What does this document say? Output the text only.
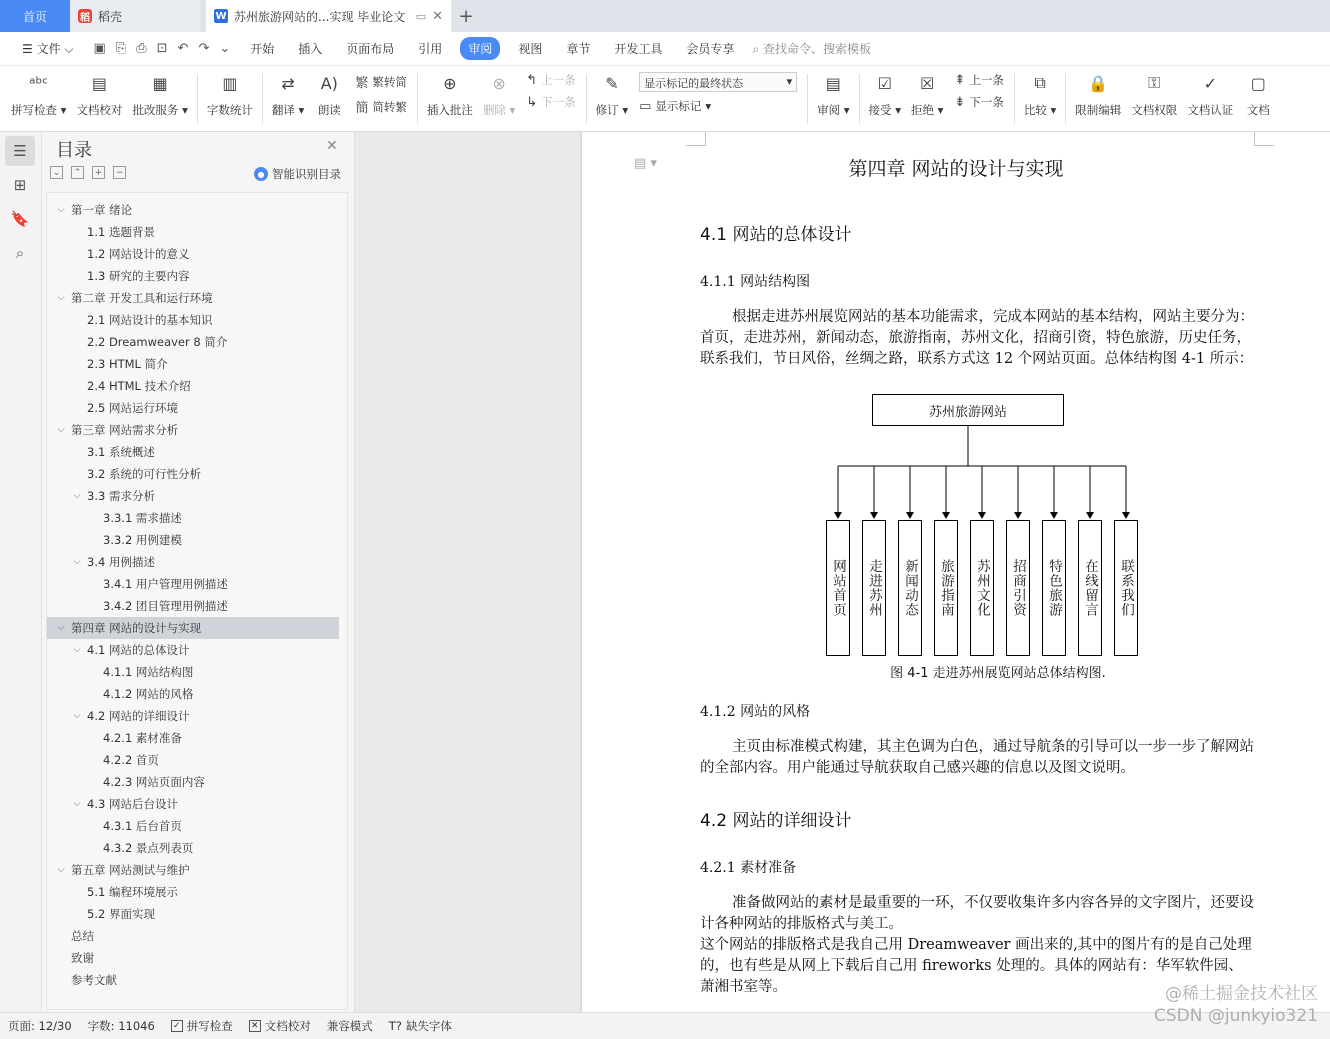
首页	稻 稻壳	W 苏州旅游网站的...实现 毕业论文 ▭ ✕ +
☰ 文件 ⌵	▣ ⎘ ⎙ ⊡ ↶ ↷ ⌄	开始	插入	页面布局	引用	审阅	视图	章节	开发工具	会员专享	⌕ 查找命令、搜索模板
ᵃᵇᶜ
拼写检查 ▾
▤
文档校对
▦
批改服务 ▾
▥
字数统计
⇄
翻译 ▾
A)
朗读
繁 繁转简
簡 简转繁
⊕
插入批注
⊗
删除 ▾
↰ 上一条
↳ 下一条
✎
修订 ▾
显示标记的最终状态	▾
▭ 显示标记 ▾
▤
审阅 ▾
☑
接受 ▾
☒
拒绝 ▾
⇞ 上一条
⇟ 下一条
⧉
比较 ▾
🔒
限制编辑
⚿
文档权限
✓
文档认证
▢
文档
☰
⊞
🔖
⌕
目录	✕
⌄	⌃	+	−	● 智能识别目录
⌵ 第一章 绪论
1.1 选题背景
1.2 网站设计的意义
1.3 研究的主要内容
⌵ 第二章 开发工具和运行环境
2.1 网站设计的基本知识
2.2 Dreamweaver 8 简介
2.3 HTML 简介
2.4 HTML 技术介绍
2.5 网站运行环境
⌵ 第三章 网站需求分析
3.1 系统概述
3.2 系统的可行性分析
⌵ 3.3 需求分析
3.3.1 需求描述
3.3.2 用例建模
⌵ 3.4 用例描述
3.4.1 用户管理用例描述
3.4.2 团目管理用例描述
⌵ 第四章 网站的设计与实现
⌵ 4.1 网站的总体设计
4.1.1 网站结构图
4.1.2 网站的风格
⌵ 4.2 网站的详细设计
4.2.1 素材准备
4.2.2 首页
4.2.3 网站页面内容
⌵ 4.3 网站后台设计
4.3.1 后台首页
4.3.2 景点列表页
⌵ 第五章 网站测试与维护
5.1 编程环境展示
5.2 界面实现
总结
致谢
参考文献
▤ ▾	第四章 网站的设计与实现
4.1 网站的总体设计
4.1.1 网站结构图
根据走进苏州展览网站的基本功能需求，完成本网站的基本结构，网站主要分为：首页，走进苏州，新闻动态，旅游指南，苏州文化，招商引资，特色旅游，历史任务，联系我们，节日风俗，丝绸之路，联系方式这 12 个网站页面。总体结构图 4-1 所示：
苏州旅游网站
网站首页 走进苏州 新闻动态 旅游指南 苏州文化 招商引资 特色旅游 在线留言 联系我们
图 4-1 走进苏州展览网站总体结构图.
4.1.2 网站的风格
主页由标准模式构建，其主色调为白色，通过导航条的引导可以一步一步了解网站的全部内容。用户能通过导航获取自己感兴趣的信息以及图文说明。
4.2 网站的详细设计
4.2.1 素材准备
准备做网站的素材是最重要的一环，不仅要收集许多内容各异的文字图片，还要设计各种网站的排版格式与美工。
这个网站的排版格式是我自己用 Dreamweaver 画出来的,其中的图片有的是自己处理的，也有些是从网上下载后自己用 fireworks 处理的。具体的网站有：华军软件园、萧湘书室等。
页面: 12/30 字数: 11046 ✓ 拼写检查 ✕ 文档校对 兼容模式 T? 缺失字体
@稀土掘金技术社区
CSDN @junkyio321
